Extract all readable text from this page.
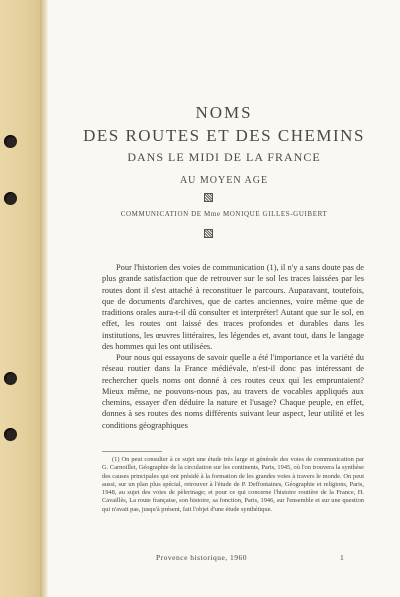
NOMS
DES ROUTES ET DES CHEMINS
DANS LE MIDI DE LA FRANCE
AU MOYEN AGE
COMMUNICATION DE Mme MONIQUE GILLES-GUIBERT

Pour l'historien des voies de communication (1), il n'y a sans doute pas de plus grande satisfaction que de retrouver sur le sol les traces laissées par les routes dont il s'est attaché à reconstituer le parcours. Auparavant, toutefois, que de documents d'archives, que de cartes anciennes, voire même que de traditions orales aura-t-il dû consulter et interpréter! Autant que sur le sol, en effet, les routes ont laissé des traces profondes et durables dans les institutions, les œuvres littéraires, les légendes et, avant tout, dans le langage des hommes qui les ont utilisées.

Pour nous qui essayons de savoir quelle a été l'importance et la variété du réseau routier dans la France médiévale, n'est-il donc pas intéressant de rechercher quels noms ont donné à ces routes ceux qui les empruntaient? Mieux même, ne pouvons-nous pas, au travers de vocables appliqués aux chemins, essayer d'en déduire la nature et l'usage? Chaque peuple, en effet, donnes à ses routes des noms différents suivant leur aspect, leur utilité et les conditions géographiques

(1) On peut consulter à ce sujet une étude très large et générale des voies de communication par G. Carnoillet, Géographie de la circulation sur les continents, Paris, 1945, où l'on trouvera la synthèse des causes principales qui ont présidé à la formation de les grandes voies à travers le monde. On peut aussi, sur un plan plus spécial, retrouver à l'étude de P. Deffontaines, Géographie et religions, Paris, 1948, au sujet des voies de pèlerinage; et pour ce qui concerne l'histoire routière de la France, H. Cavaillès, La route française, son histoire, sa fonction, Paris, 1946, sur l'ensemble et sur une question qui n'avait pas, jusqu'à présent, fait l'objet d'une étude synthétique.

Provence historique, 1960	1
